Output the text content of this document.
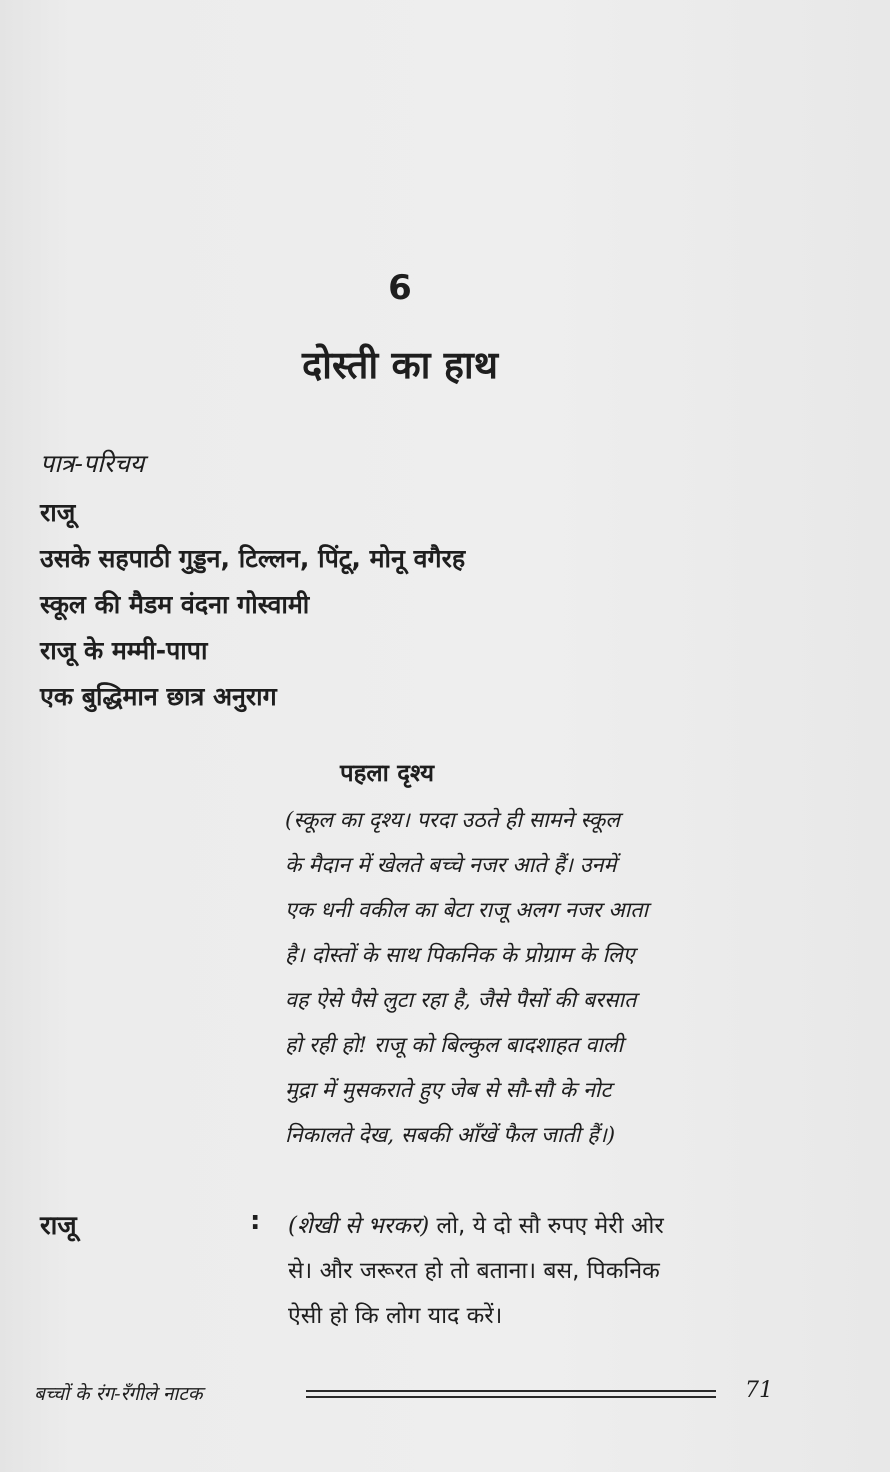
6
दोस्ती का हाथ
पात्र-परिचय
राजू
उसके सहपाठी गुड्डन, टिल्लन, पिंटू, मोनू वगैरह
स्कूल की मैडम वंदना गोस्वामी
राजू के मम्मी-पापा
एक बुद्धिमान छात्र अनुराग
पहला दृश्य
(स्कूल का दृश्य। परदा उठते ही सामने स्कूल
के मैदान में खेलते बच्चे नजर आते हैं। उनमें
एक धनी वकील का बेटा राजू अलग नजर आता
है। दोस्तों के साथ पिकनिक के प्रोग्राम के लिए
वह ऐसे पैसे लुटा रहा है, जैसे पैसों की बरसात
हो रही हो! राजू को बिल्कुल बादशाहत वाली
मुद्रा में मुसकराते हुए जेब से सौ-सौ के नोट
निकालते देख, सबकी आँखें फैल जाती हैं।)
राजू	: (शेखी से भरकर) लो, ये दो सौ रुपए मेरी ओर
से। और जरूरत हो तो बताना। बस, पिकनिक
ऐसी हो कि लोग याद करें।
बच्चों के रंग-रँगीले नाटक	71
